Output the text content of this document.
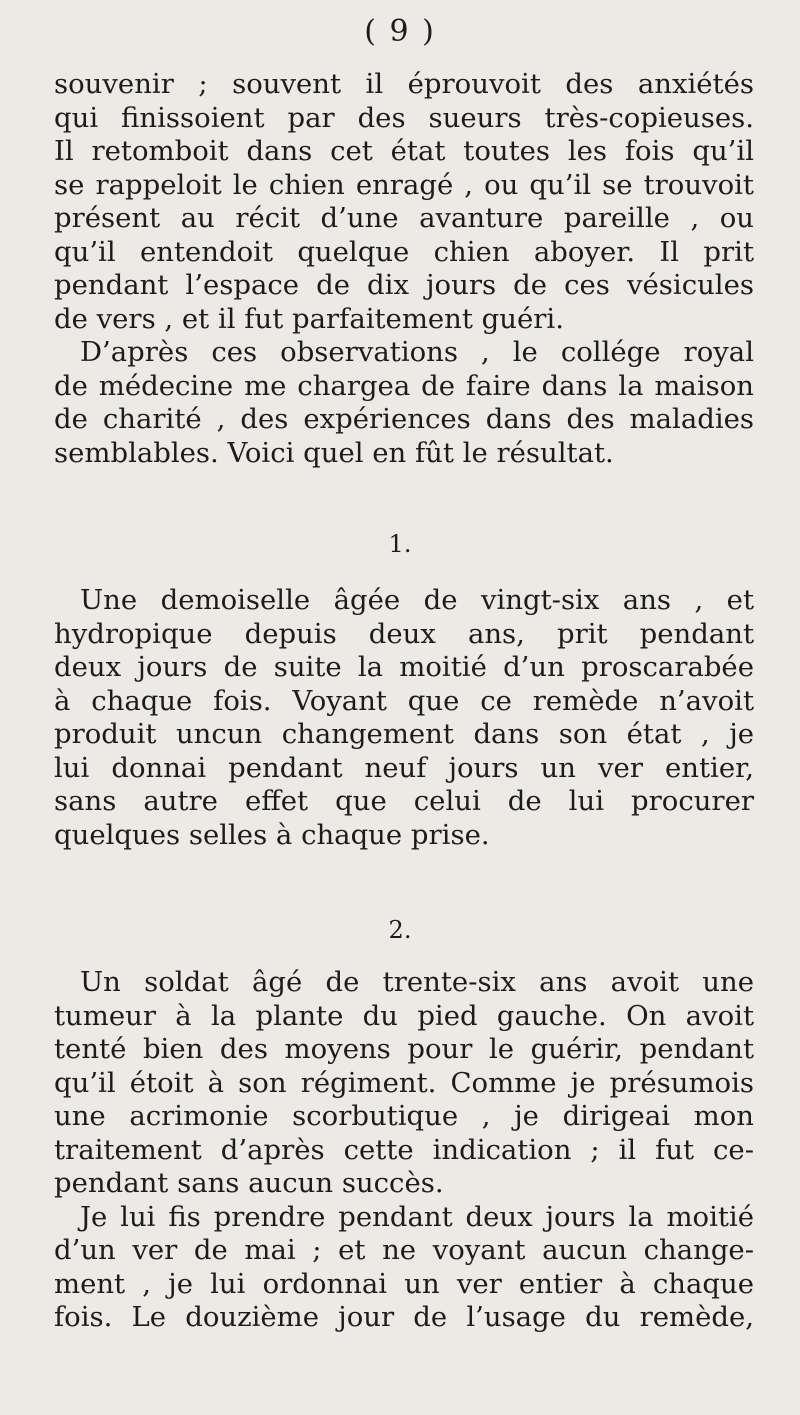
( 9 )
souvenir ; souvent il éprouvoit des anxiétés
qui finissoient par des sueurs très-copieuses.
Il retomboit dans cet état toutes les fois qu’il
se rappeloit le chien enragé , ou qu’il se trouvoit
présent au récit d’une avanture pareille , ou
qu’il entendoit quelque chien aboyer. Il prit
pendant l’espace de dix jours de ces vésicules
de vers , et il fut parfaitement guéri.
D’après ces observations , le collége royal
de médecine me chargea de faire dans la maison
de charité , des expériences dans des maladies
semblables. Voici quel en fût le résultat.
1.
Une demoiselle âgée de vingt-six ans , et
hydropique depuis deux ans, prit pendant
deux jours de suite la moitié d’un proscarabée
à chaque fois. Voyant que ce remède n’avoit
produit uncun changement dans son état , je
lui donnai pendant neuf jours un ver entier,
sans autre effet que celui de lui procurer
quelques selles à chaque prise.
2.
Un soldat âgé de trente-six ans avoit une
tumeur à la plante du pied gauche. On avoit
tenté bien des moyens pour le guérir, pendant
qu’il étoit à son régiment. Comme je présumois
une acrimonie scorbutique , je dirigeai mon
traitement d’après cette indication ; il fut ce-
pendant sans aucun succès.
Je lui fis prendre pendant deux jours la moitié
d’un ver de mai ; et ne voyant aucun change-
ment , je lui ordonnai un ver entier à chaque
fois. Le douzième jour de l’usage du remède,
